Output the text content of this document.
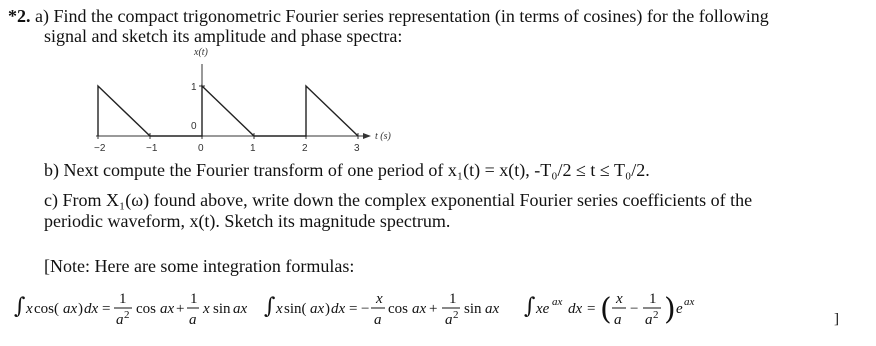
*2. a) Find the compact trigonometric Fourier series representation (in terms of cosines) for the following
signal and sketch its amplitude and phase spectra:
x(t)
1
0
t (s)
−2	−1	0	1	2	3
b) Next compute the Fourier transform of one period of x₁(t) = x(t), -T₀/2 ≤ t ≤ T₀/2.
c) From X₁(ω) found above, write down the complex exponential Fourier series coefficients of the
periodic waveform, x(t). Sketch its magnitude spectrum.
[Note: Here are some integration formulas:
∫ x cos( ax ) dx =
1
a 2 cos ax +
1
a
x sin ax ∫ x sin( ax ) dx = −
x
a
cos ax +
1
a 2 sin ax ∫ xe ax dx = ( x
a
−
1
a 2 ) e ax
]
